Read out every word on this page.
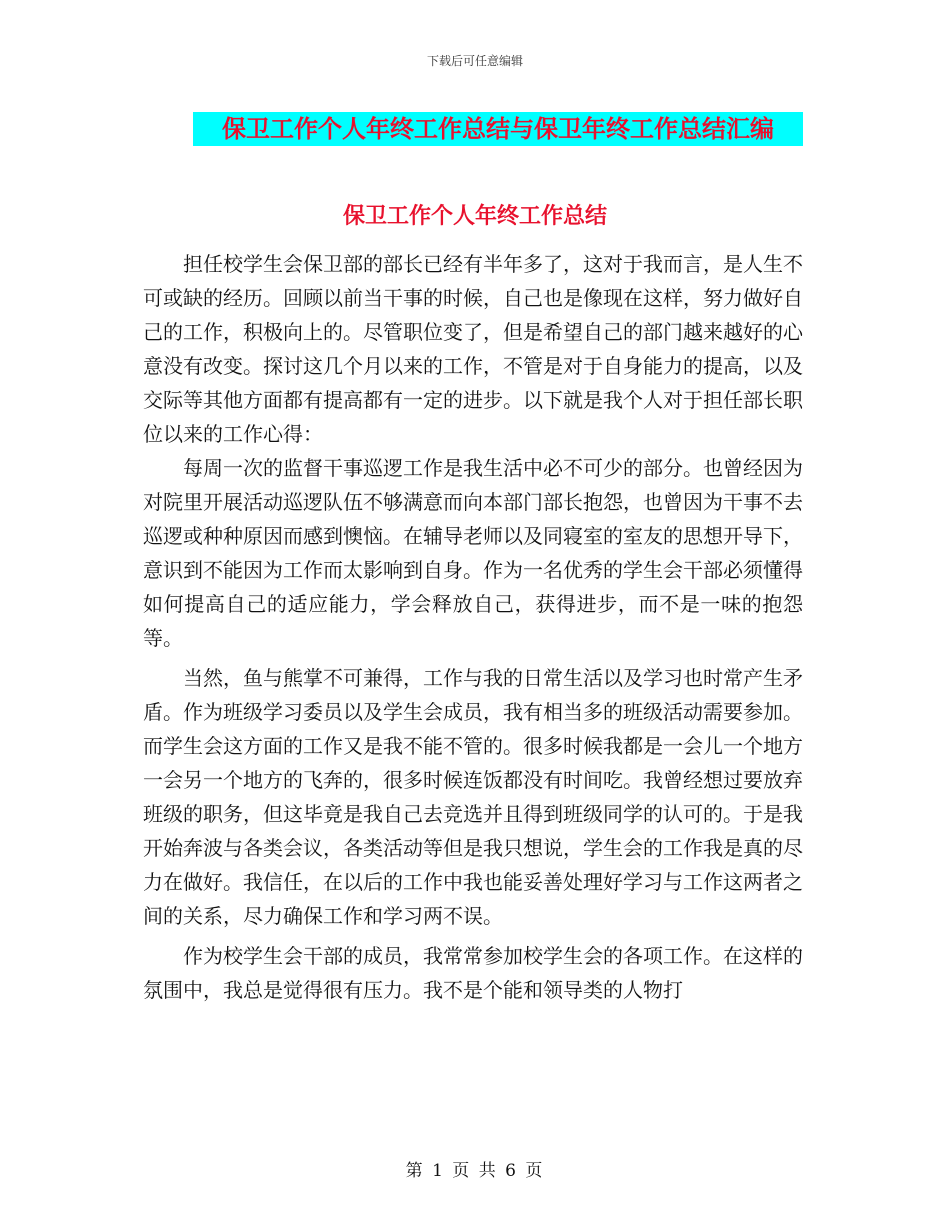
下载后可任意编辑
保卫工作个人年终工作总结与保卫年终工作总结汇编
保卫工作个人年终工作总结

担任校学生会保卫部的部长已经有半年多了，这对于我而言，是人生不可或缺的经历。回顾以前当干事的时候，自己也是像现在这样，努力做好自己的工作，积极向上的。尽管职位变了，但是希望自己的部门越来越好的心意没有改变。探讨这几个月以来的工作，不管是对于自身能力的提高，以及交际等其他方面都有提高都有一定的进步。以下就是我个人对于担任部长职位以来的工作心得：

每周一次的监督干事巡逻工作是我生活中必不可少的部分。也曾经因为对院里开展活动巡逻队伍不够满意而向本部门部长抱怨，也曾因为干事不去巡逻或种种原因而感到懊恼。在辅导老师以及同寝室的室友的思想开导下，意识到不能因为工作而太影响到自身。作为一名优秀的学生会干部必须懂得如何提高自己的适应能力，学会释放自己，获得进步，而不是一味的抱怨等。

当然，鱼与熊掌不可兼得，工作与我的日常生活以及学习也时常产生矛盾。作为班级学习委员以及学生会成员，我有相当多的班级活动需要参加。而学生会这方面的工作又是我不能不管的。很多时候我都是一会儿一个地方一会另一个地方的飞奔的，很多时候连饭都没有时间吃。我曾经想过要放弃班级的职务，但这毕竟是我自己去竞选并且得到班级同学的认可的。于是我开始奔波与各类会议，各类活动等但是我只想说，学生会的工作我是真的尽力在做好。我信任，在以后的工作中我也能妥善处理好学习与工作这两者之间的关系，尽力确保工作和学习两不误。

作为校学生会干部的成员，我常常参加校学生会的各项工作。在这样的氛围中，我总是觉得很有压力。我不是个能和领导类的人物打

第 1 页 共 6 页
